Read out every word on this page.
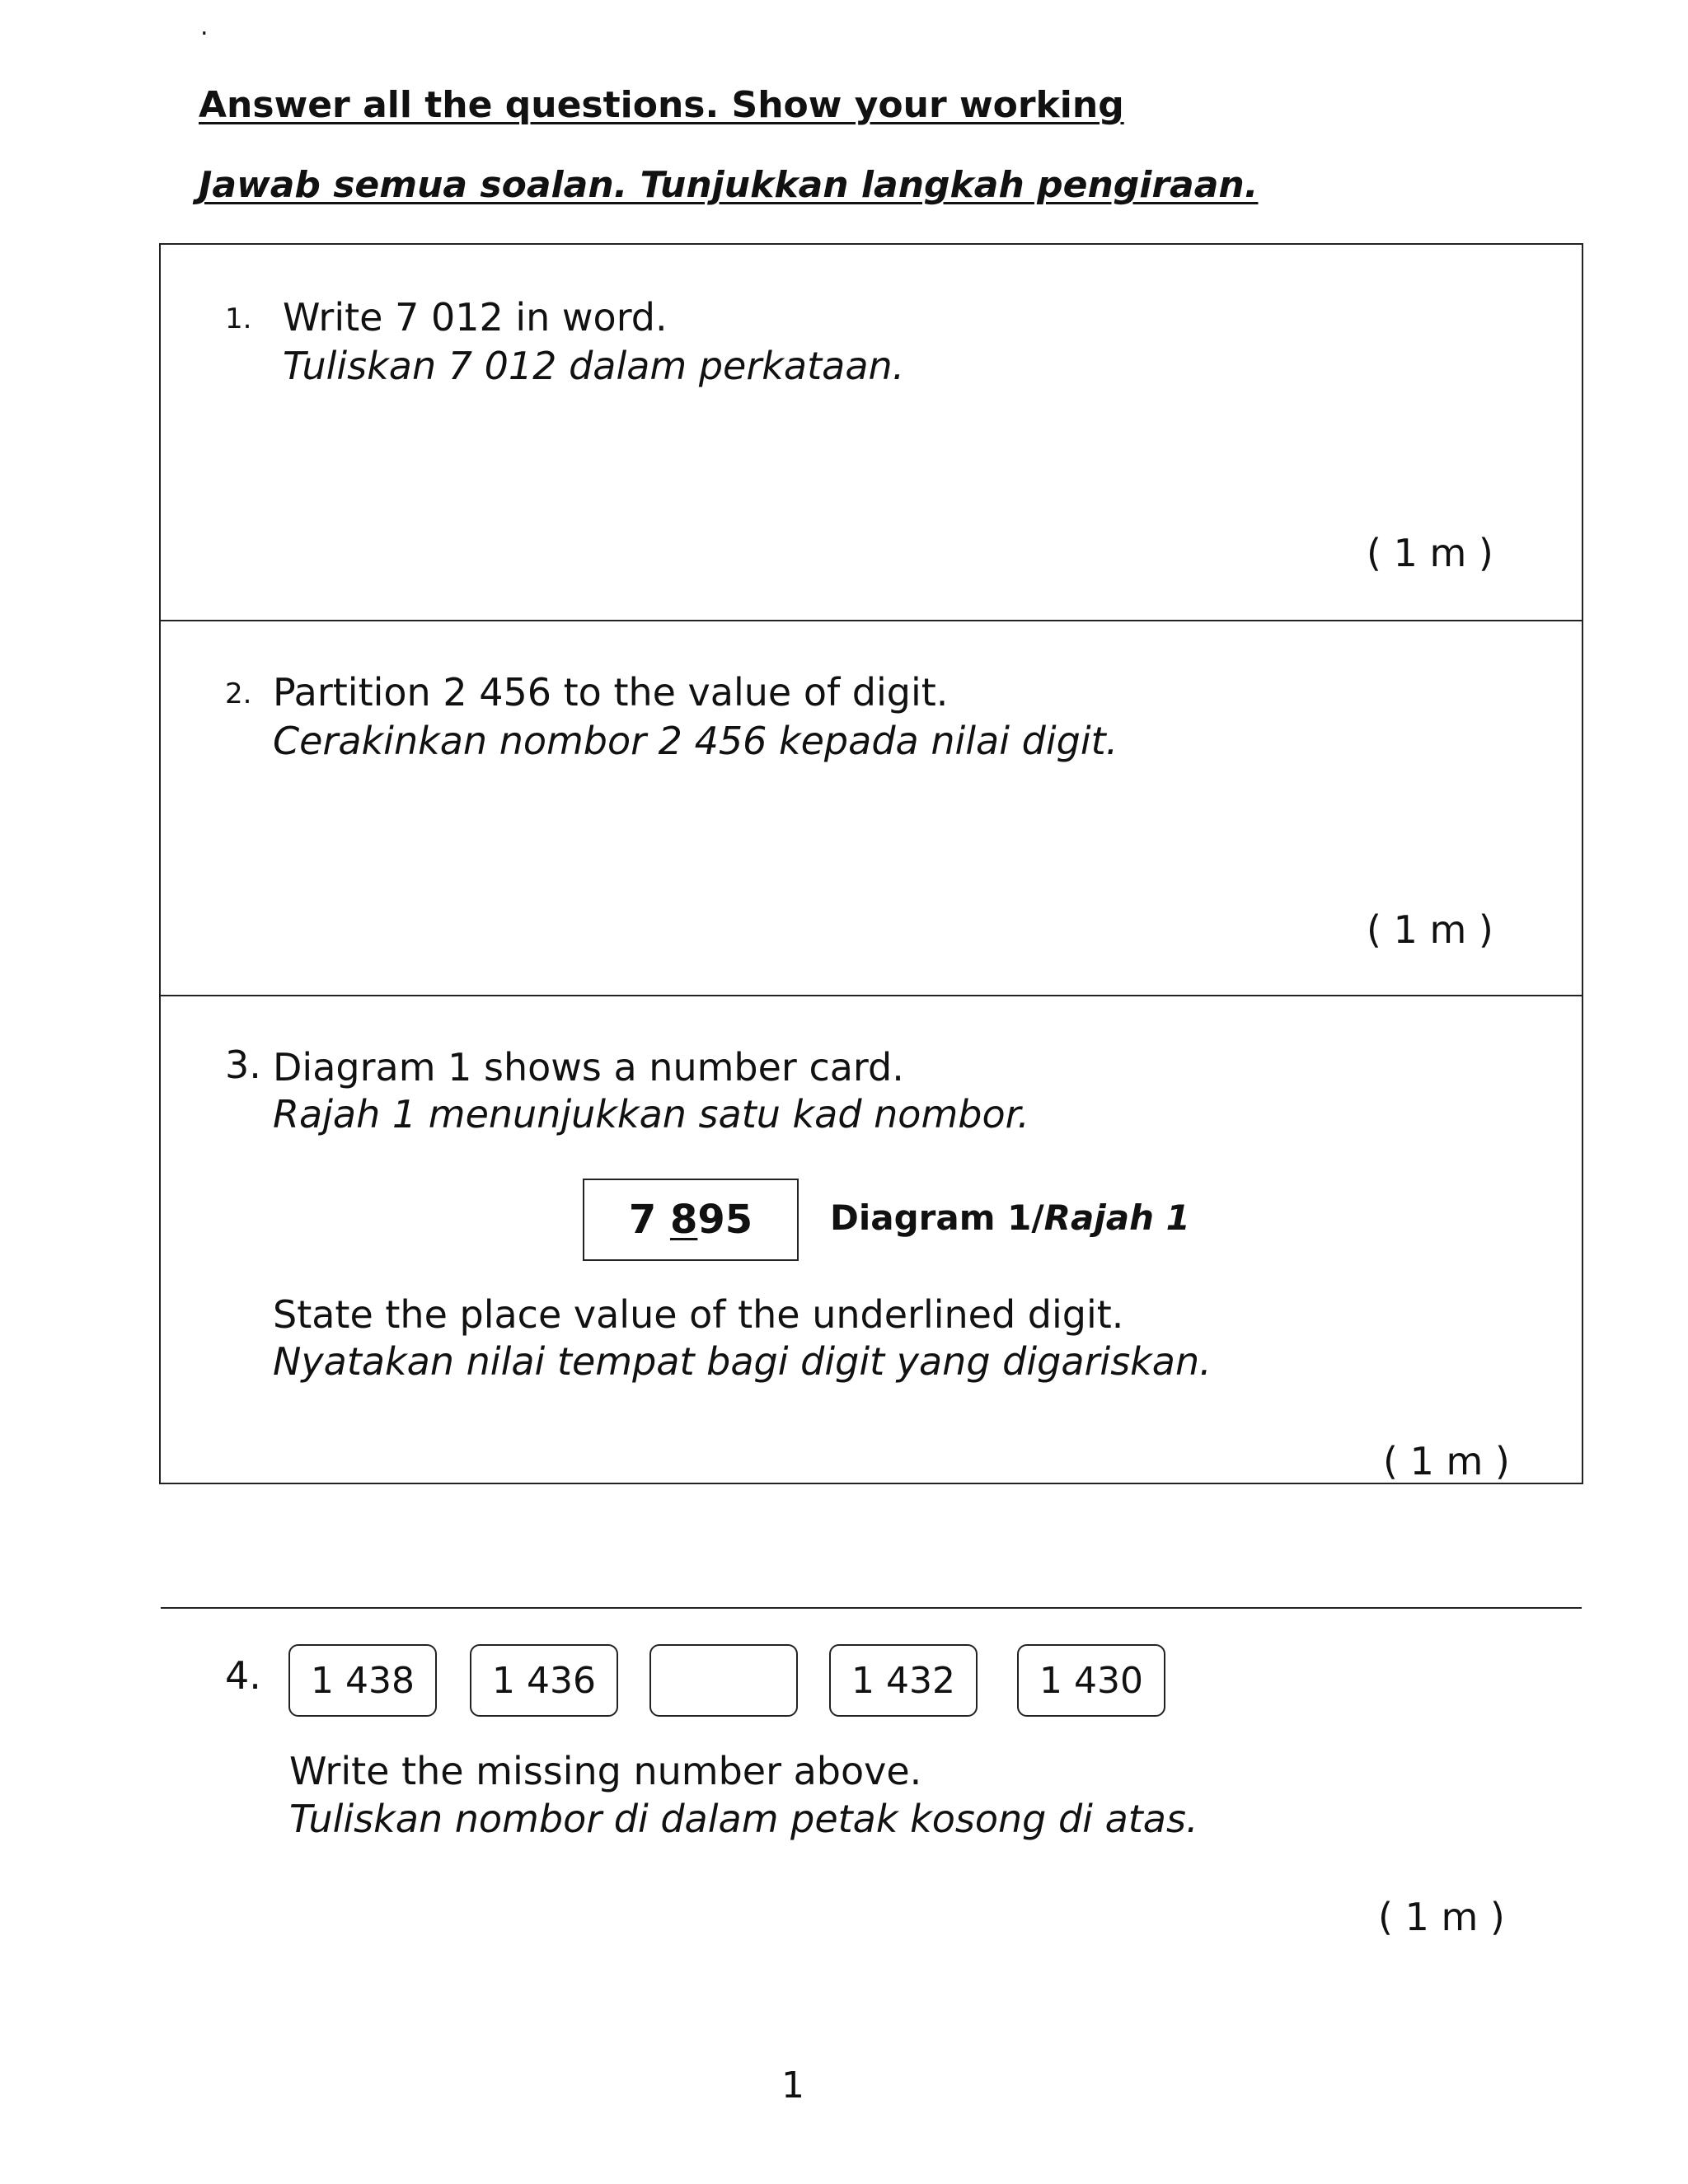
.
Answer all the questions. Show your working
Jawab semua soalan. Tunjukkan langkah pengiraan.
1. Write 7 012 in word.
Tuliskan 7 012 dalam perkataan.
( 1 m )
2. Partition 2 456 to the value of digit.
Cerakinkan nombor 2 456 kepada nilai digit.
( 1 m )
3. Diagram 1 shows a number card.
Rajah 1 menunjukkan satu kad nombor.
7 8 95 Diagram 1/Rajah 1
State the place value of the underlined digit.
Nyatakan nilai tempat bagi digit yang digariskan.
( 1 m )
4.	1 438	1 436	1 432	1 430
Write the missing number above.
Tuliskan nombor di dalam petak kosong di atas.
( 1 m )
1
